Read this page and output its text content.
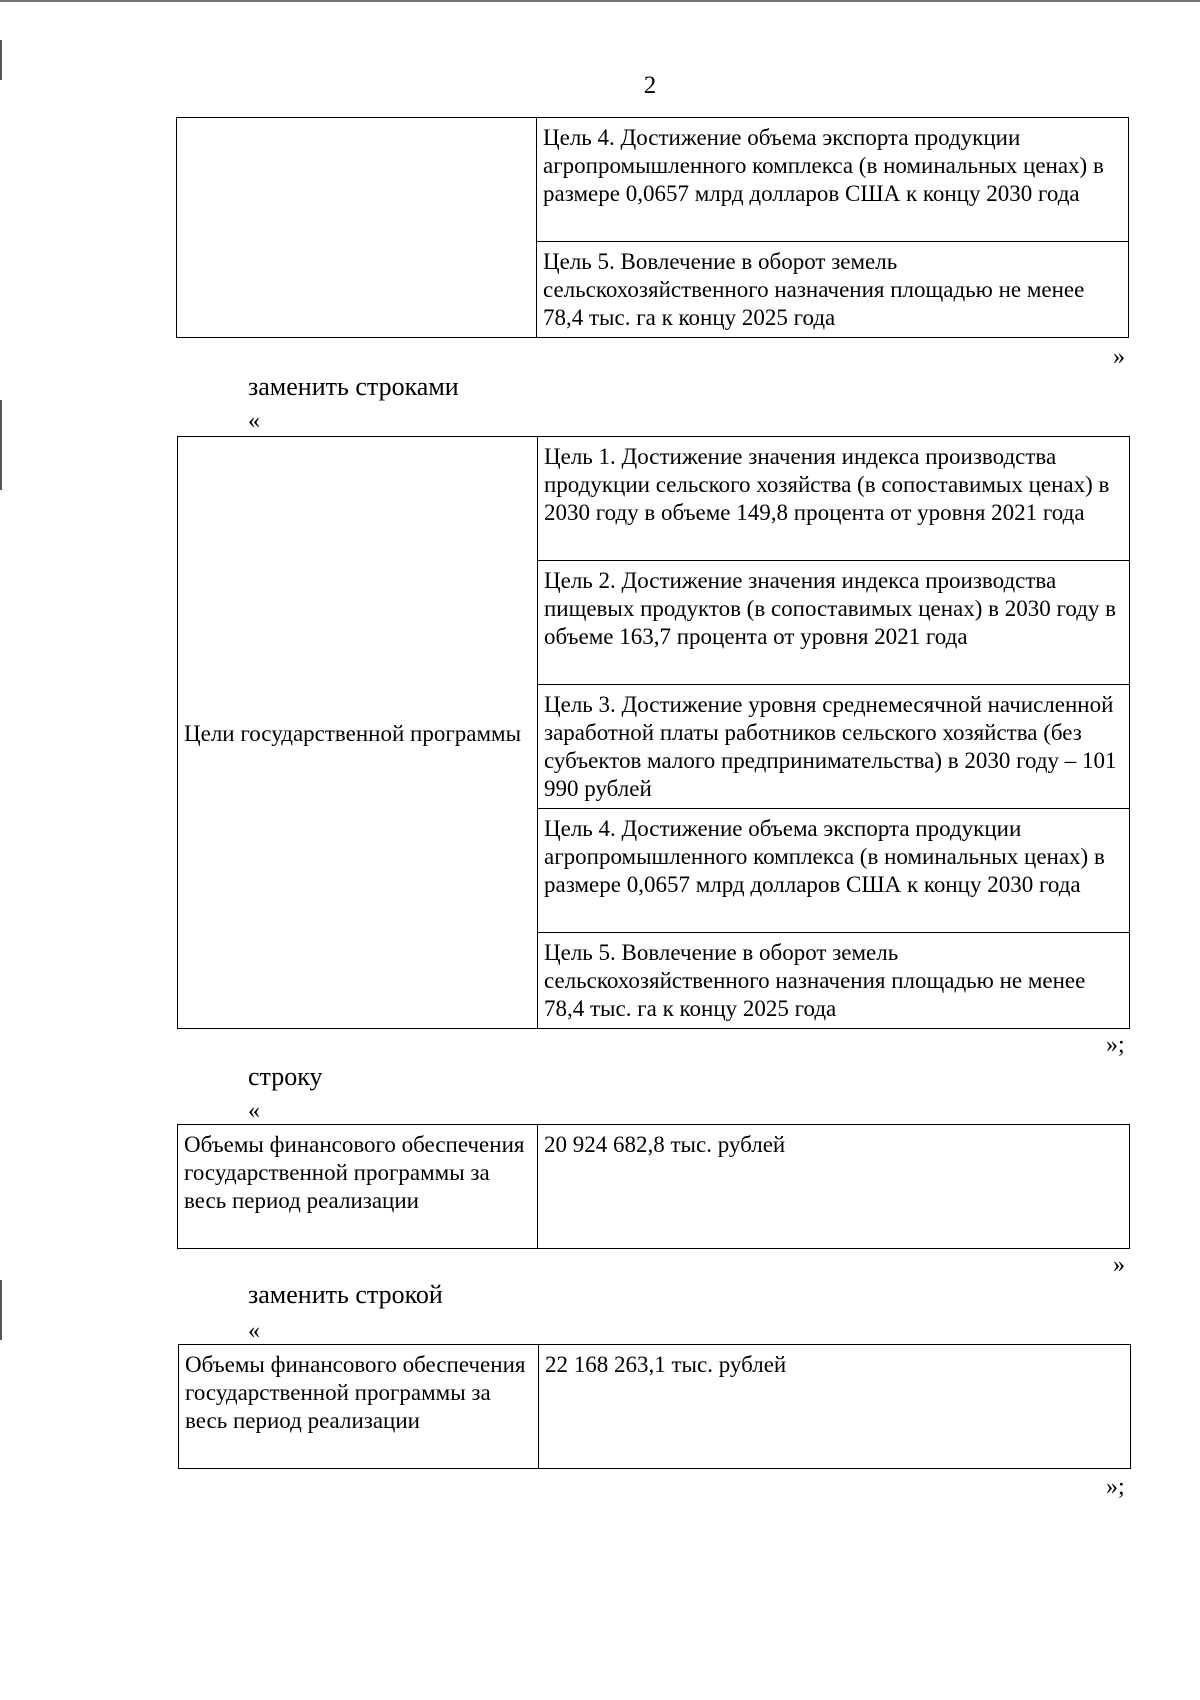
2
	Цель 4. Достижение объема экспорта продукции агропромышленного комплекса (в номинальных ценах) в размере 0,0657 млрд долларов США к концу 2030 года
Цель 5. Вовлечение в оборот земель сельскохозяйственного назначения площадью не менее 78,4 тыс. га к концу 2025 года
»
заменить строками
«
Цели государственной программы	Цель 1. Достижение значения индекса производства продукции сельского хозяйства (в сопоставимых ценах) в 2030 году в объеме 149,8 процента от уровня 2021 года
Цель 2. Достижение значения индекса производства пищевых продуктов (в сопоставимых ценах) в 2030 году в объеме 163,7 процента от уровня 2021 года
Цель 3. Достижение уровня среднемесячной начисленной заработной платы работников сельского хозяйства (без субъектов малого предпринимательства) в 2030 году – 101 990 рублей
Цель 4. Достижение объема экспорта продукции агропромышленного комплекса (в номинальных ценах) в размере 0,0657 млрд долларов США к концу 2030 года
Цель 5. Вовлечение в оборот земель сельскохозяйственного назначения площадью не менее 78,4 тыс. га к концу 2025 года
»;
строку
«
Объемы финансового обеспечения государственной программы за весь период реализации	20 924 682,8 тыс. рублей
»
заменить строкой
«
Объемы финансового обеспечения государственной программы за весь период реализации	22 168 263,1 тыс. рублей
»;
